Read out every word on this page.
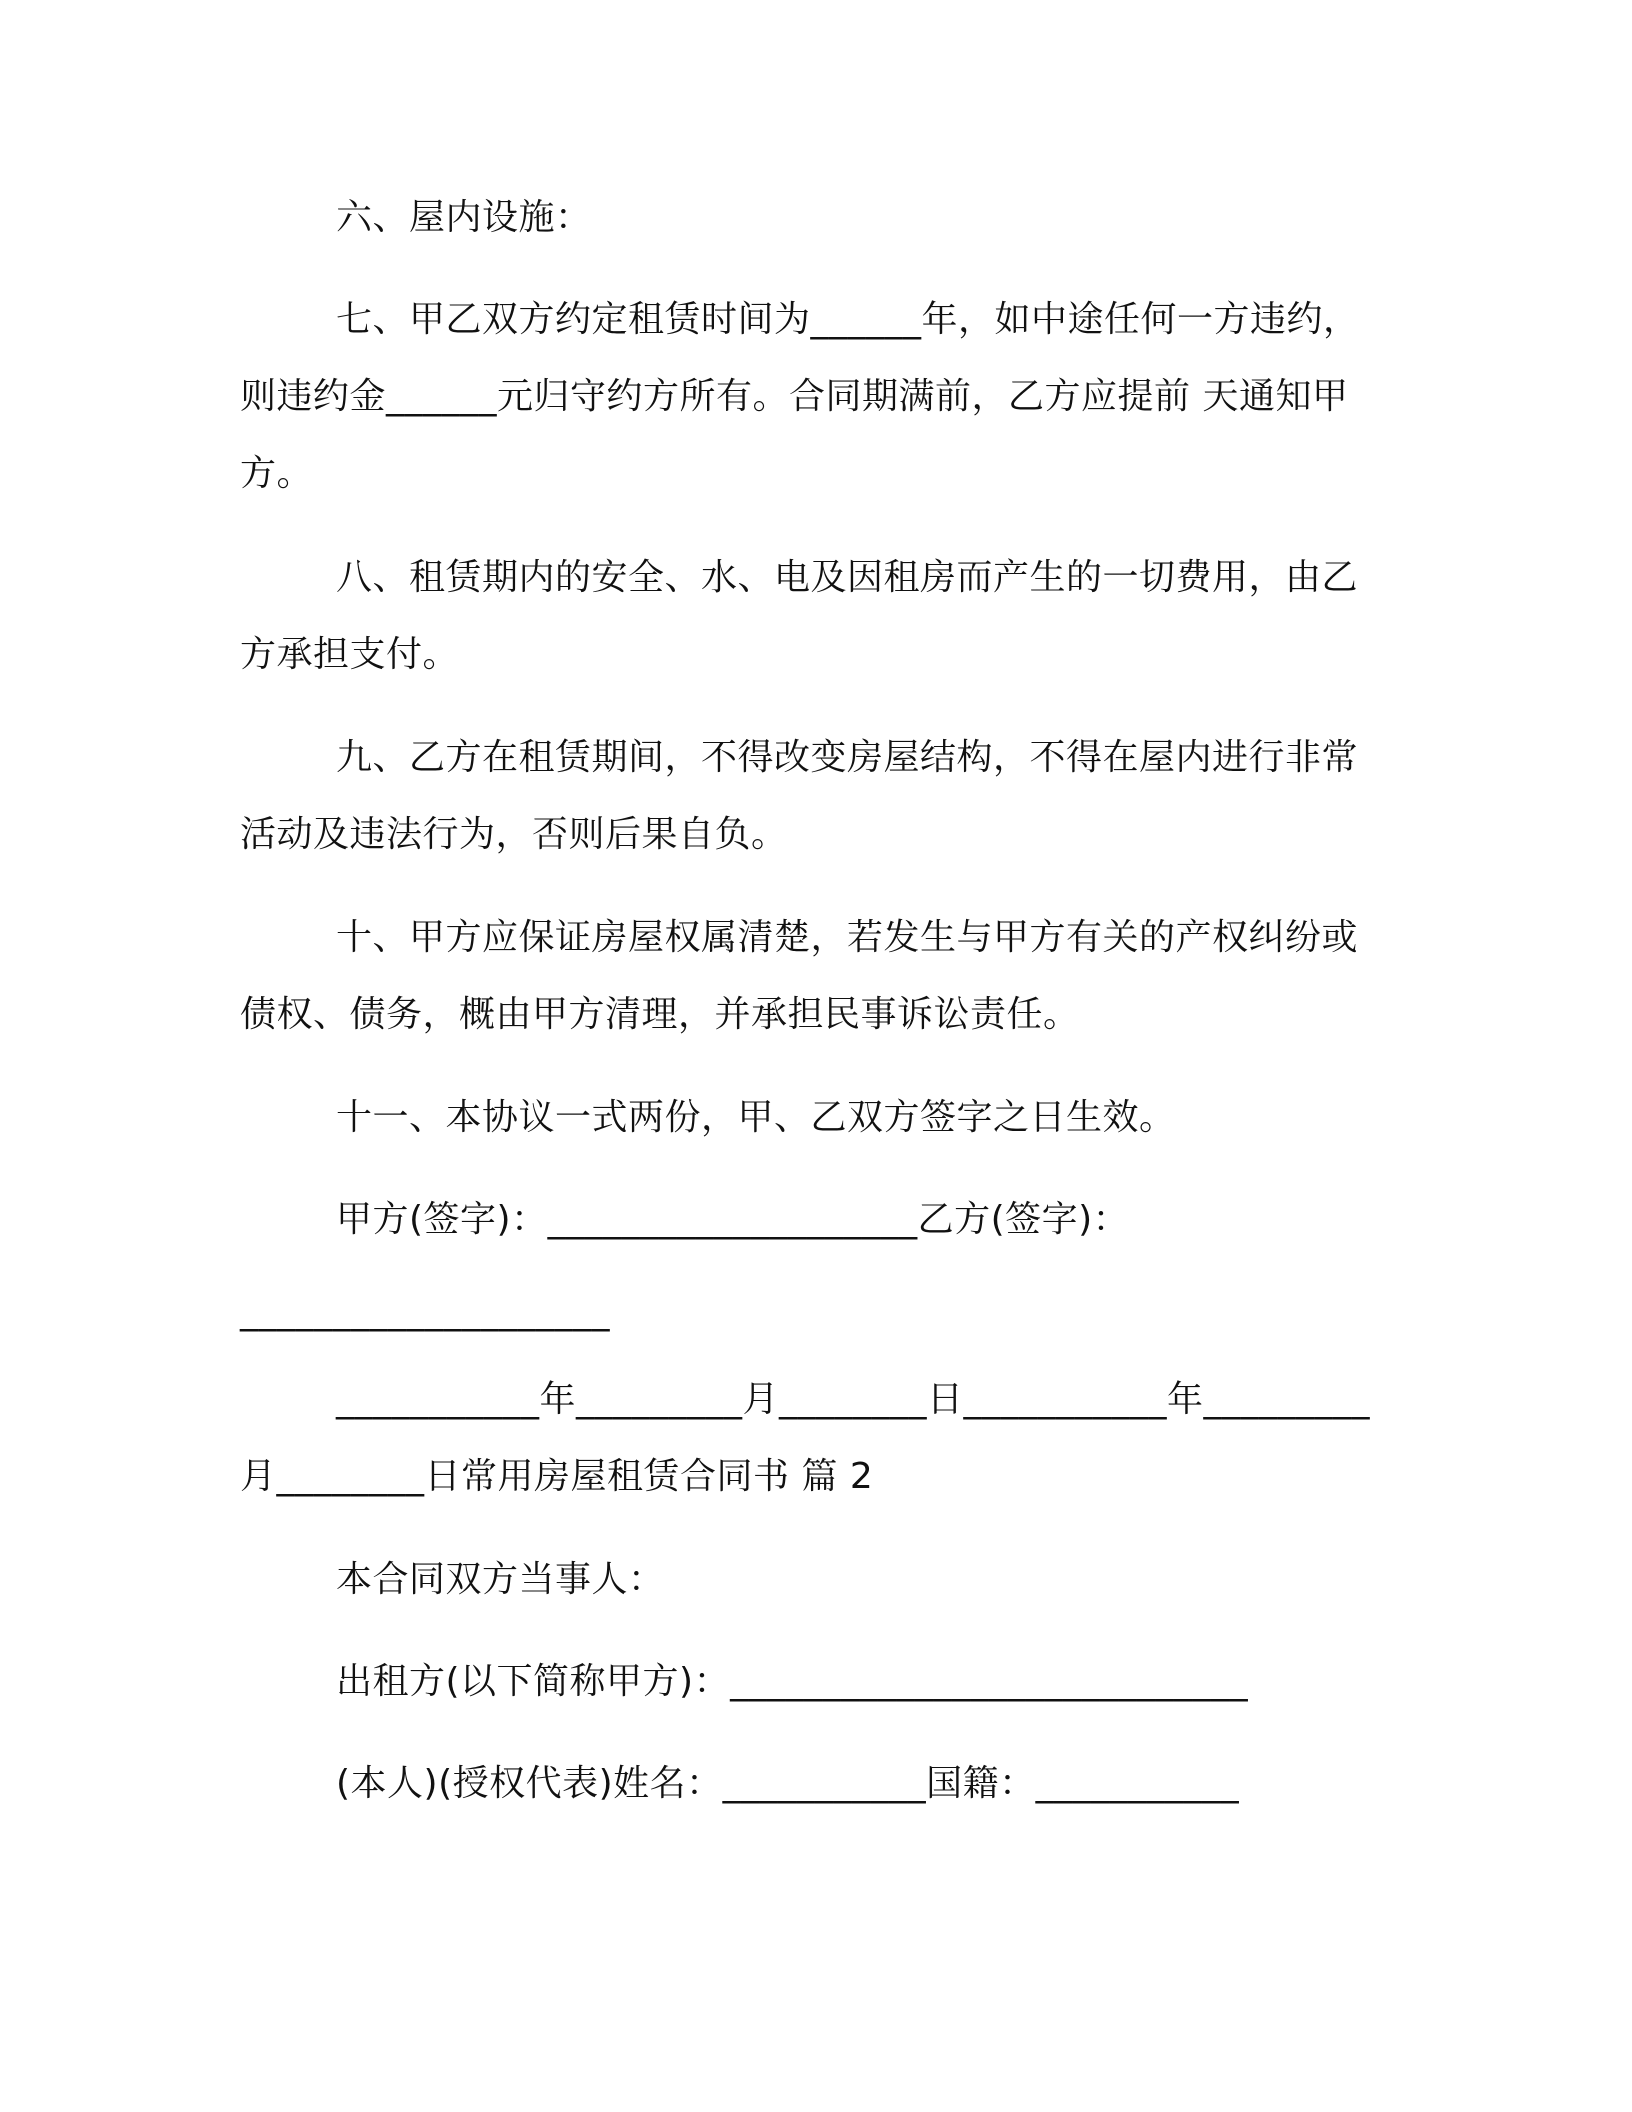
六、屋内设施：
七、甲乙双方约定租赁时间为______年，如中途任何一方违约，
则违约金______元归守约方所有。合同期满前，乙方应提前 天通知甲
方。
八、租赁期内的安全、水、电及因租房而产生的一切费用，由乙
方承担支付。
九、乙方在租赁期间，不得改变房屋结构，不得在屋内进行非常
活动及违法行为，否则后果自负。
十、甲方应保证房屋权属清楚，若发生与甲方有关的产权纠纷或
债权、债务，概由甲方清理，并承担民事诉讼责任。
十一、本协议一式两份，甲、乙双方签字之日生效。
甲方(签字)：____________________乙方(签字)：
____________________
___________年_________月________日___________年_________
月________日常用房屋租赁合同书 篇 2
本合同双方当事人：
出租方(以下简称甲方)：____________________________
(本人)(授权代表)姓名：___________国籍：___________
